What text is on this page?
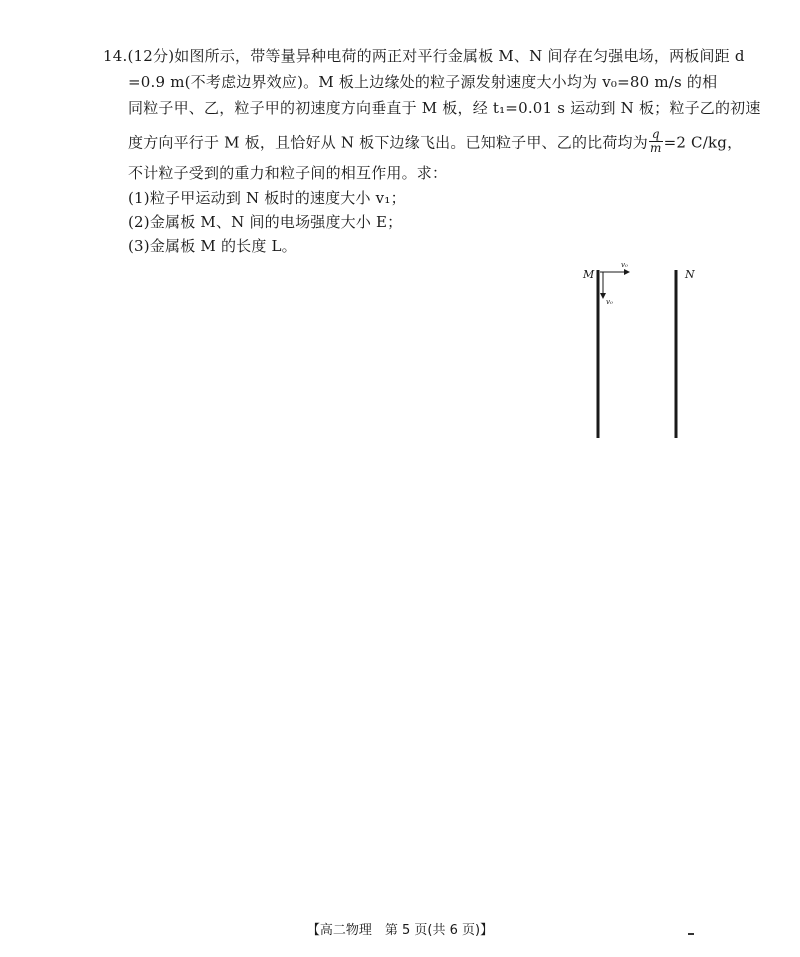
14.(12分)如图所示，带等量异种电荷的两正对平行金属板 M、N 间存在匀强电场，两板间距 d
=0.9 m(不考虑边界效应)。M 板上边缘处的粒子源发射速度大小均为 v₀=80 m/s 的相
同粒子甲、乙，粒子甲的初速度方向垂直于 M 板，经 t₁=0.01 s 运动到 N 板；粒子乙的初速
度方向平行于 M 板，且恰好从 N 板下边缘飞出。已知粒子甲、乙的比荷均为 $\frac{q}{m} =2$ C/kg，
不计粒子受到的重力和粒子间的相互作用。求：
(1)粒子甲运动到 N 板时的速度大小 v₁；
(2)金属板 M、N 间的电场强度大小 E；
(3)金属板 M 的长度 L。
M	N
v₀
v₀
【高二物理　第 5 页(共 6 页)】
